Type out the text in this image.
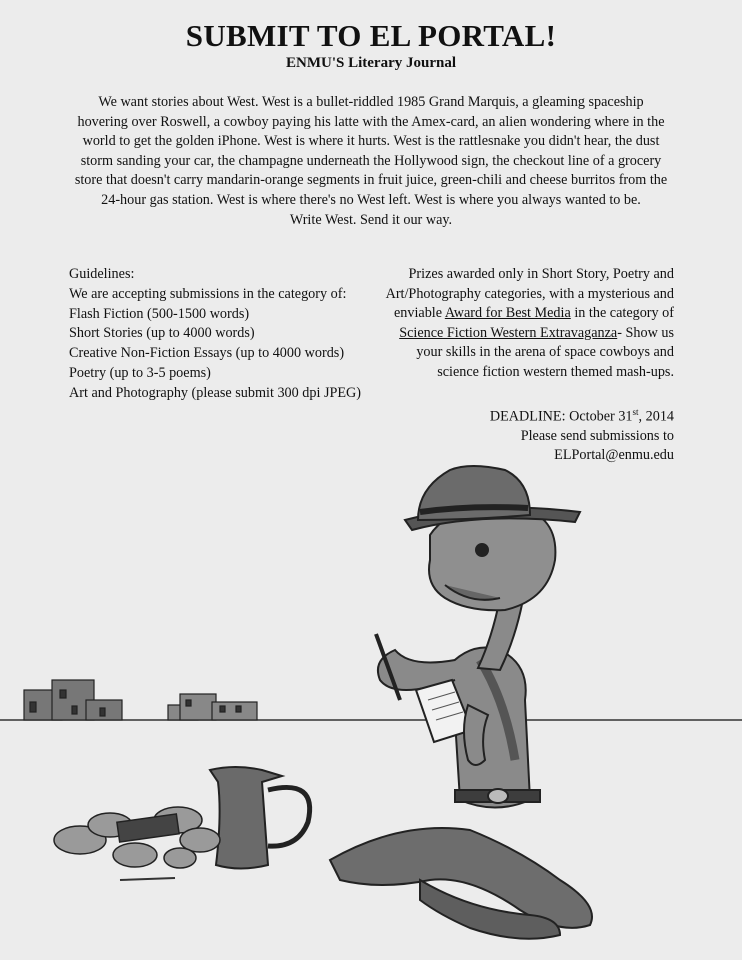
SUBMIT TO EL PORTAL!
ENMU'S Literary Journal

We want stories about West. West is a bullet-riddled 1985 Grand Marquis, a gleaming spaceship hovering over Roswell, a cowboy paying his latte with the Amex-card, an alien wondering where in the world to get the golden iPhone. West is where it hurts. West is the rattlesnake you didn't hear, the dust storm sanding your car, the champagne underneath the Hollywood sign, the checkout line of a grocery store that doesn't carry mandarin-orange segments in fruit juice, green-chili and cheese burritos from the 24-hour gas station. West is where there's no West left. West is where you always wanted to be.

Write West. Send it our way.

Guidelines:
We are accepting submissions in the category of:
Flash Fiction (500-1500 words)
Short Stories (up to 4000 words)
Creative Non-Fiction Essays (up to 4000 words)
Poetry (up to 3-5 poems)
Art and Photography (please submit 300 dpi JPEG)
Prizes awarded only in Short Story, Poetry and Art/Photography categories, with a mysterious and enviable Award for Best Media in the category of Science Fiction Western Extravaganza- Show us your skills in the arena of space cowboys and science fiction western themed mash-ups.
DEADLINE: October 31st, 2014
Please send submissions to
ELPortal@enmu.edu
